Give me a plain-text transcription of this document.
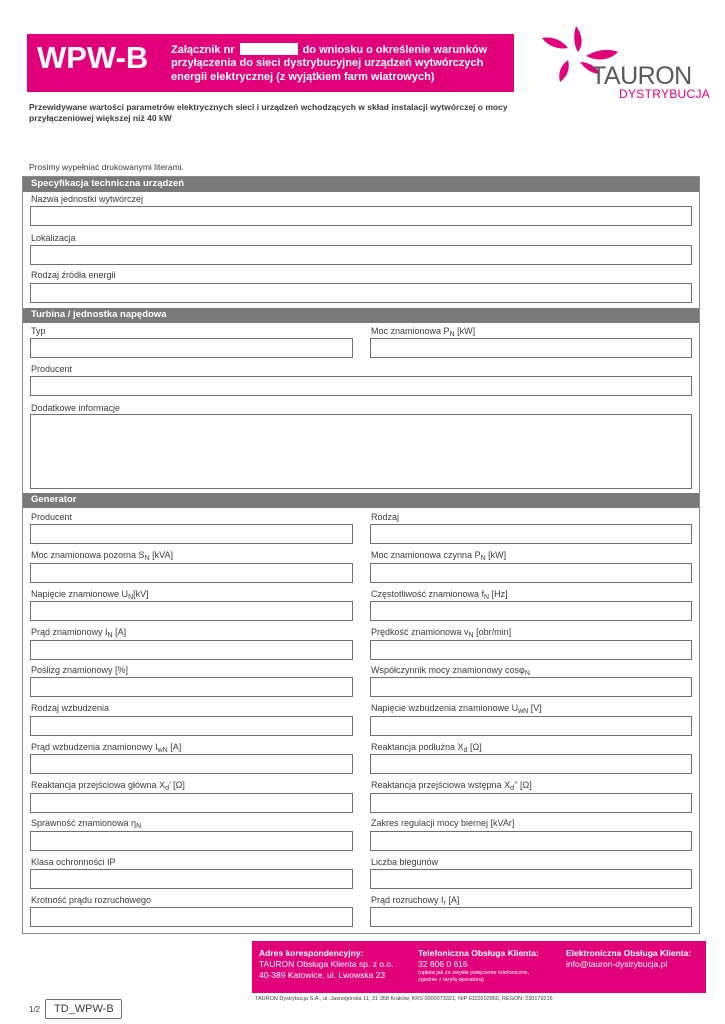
WPW-B Załącznik nr	do wniosku o określenie warunków
przyłączenia do sieci dystrybucyjnej urządzeń wytwórczych
energii elektrycznej (z wyjątkiem farm wiatrowych)	TAURON
DYSTRYBUCJA
Przewidywane wartości parametrów elektrycznych sieci i urządzeń wchodzących w skład instalacji wytwórczej o mocy przyłączeniowej większej niż 40 kW
Prosimy wypełniać drukowanymi literami.
Specyfikacja techniczna urządzeń
Nazwa jednostki wytwórczej
Lokalizacja
Rodzaj źródła energii
Turbina / jednostka napędowa
Typ	Moc znamionowa $P_N$ [kW]
Producent
Dodatkowe informacje
Generator
Producent	Rodzaj
Moc znamionowa pozorna $S_N$ [kVA]	Moc znamionowa czynna $P_N$ [kW]
Napięcie znamionowe $U_N[kV]$	Częstotliwość znamionowa $f_N$ [Hz]
Prąd znamionowy $I_N$ [A]	Prędkość znamionowa $v_N$ [obr/min]
Poślizg znamionowy [%]	Współczynnik mocy znamionowy cosφ$_N$
Rodzaj wzbudzenia	Napięcie wzbudzenia znamionowe $U_{wN}$ [V]
Prąd wzbudzenia znamionowy $I_{wN}$ [A]	Reaktancja podłużna $X_d$ [Ω]
Reaktancja przejściowa główna $X_d$’ [Ω]	Reaktancja przejściowa wstępna $X_d$’’ [Ω]
Sprawność znamionowa $\eta_N$	Zakres regulacji mocy biernej [kVAr]
Klasa ochronności IP	Liczba biegunów
Krotność prądu rozruchowego	Prąd rozruchowy $I_r$ [A]
Adres korespondencyjny:
TAURON Obsługa Klienta sp. z o.o.
40-389 Katowice, ul. Lwowska 23
Telefoniczna Obsługa Klienta:
32 606 0 616
(opłata jak za zwykłe połączenie telefoniczne,
zgodnie z taryfą operatora)
Elektroniczna Obsługa Klienta:
info@tauron-dystrybucja.pl
TAURON Dystrybucja S.A., ul. Jasnogórska 11, 31-358 Kraków, KRS 0000073321, NIP 6110202860, REGON: 230179216
1/2	TD_WPW-B
